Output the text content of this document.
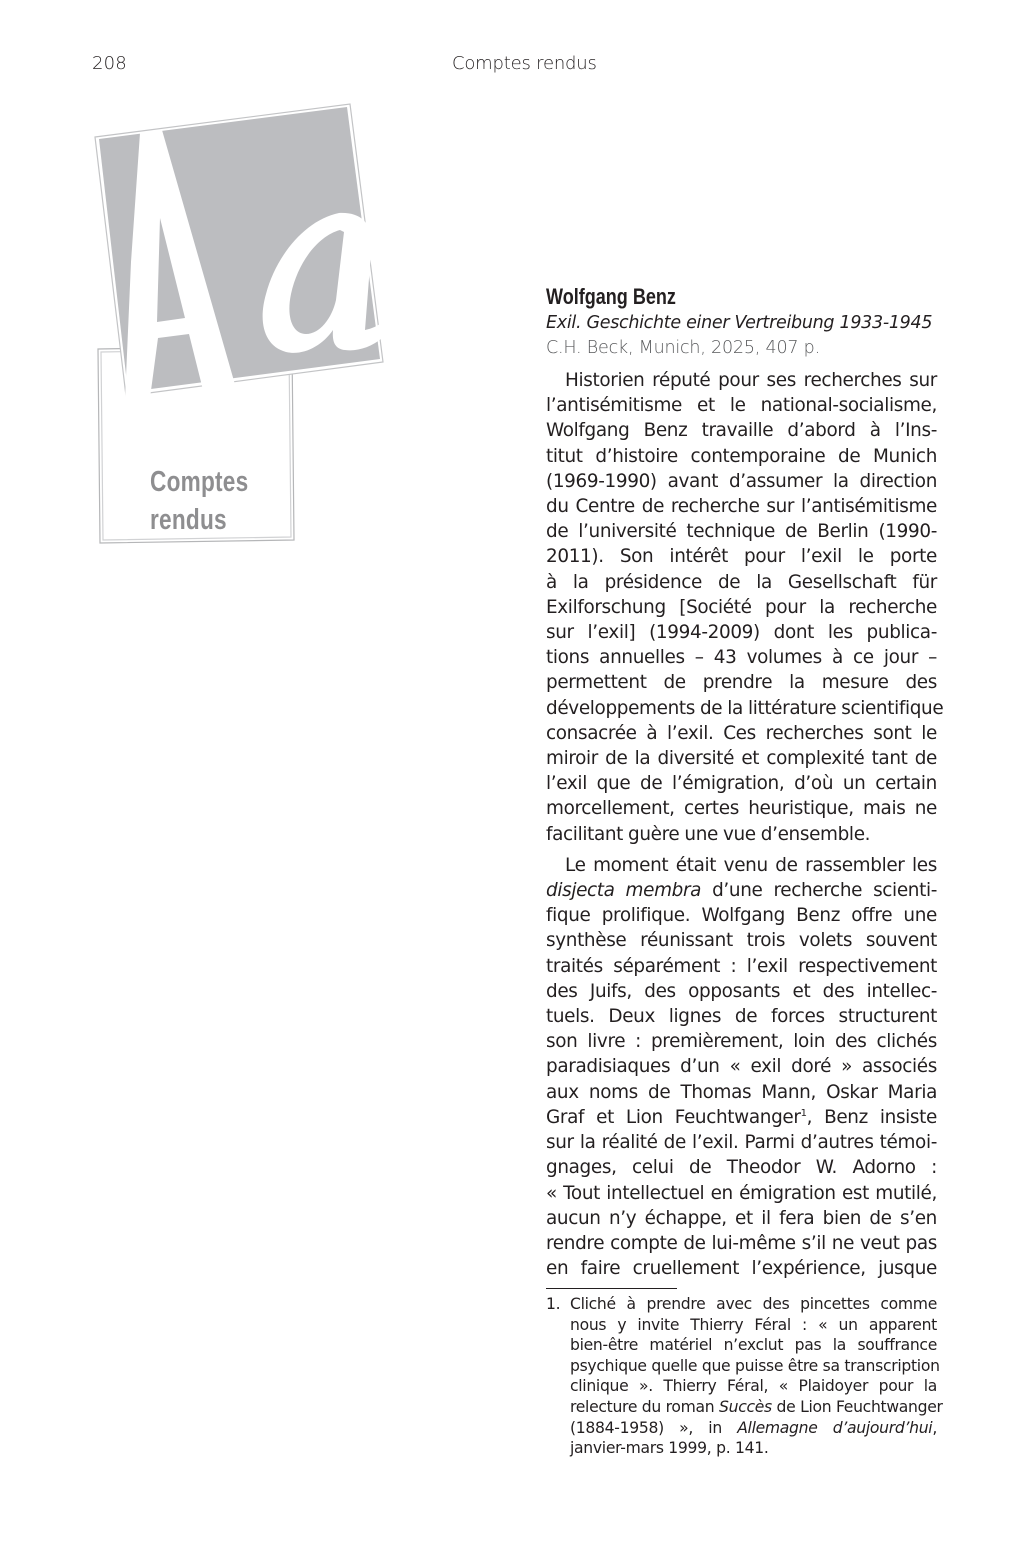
208	Comptes rendus
Comptes
rendus
Wolfgang Benz
Exil. Geschichte einer Vertreibung 1933-1945
C.H. Beck, Munich, 2025, 407 p.
Historien réputé pour ses recherches sur
l’antisémitisme et le national-socialisme,
Wolfgang Benz travaille d’abord à l’Ins-
titut d’histoire contemporaine de Munich
(1969-1990) avant d’assumer la direction
du Centre de recherche sur l’antisémitisme
de l’université technique de Berlin (1990-
2011). Son intérêt pour l’exil le porte
à la présidence de la Gesellschaft für
Exilforschung [Société pour la recherche
sur l’exil] (1994-2009) dont les publica-
tions annuelles – 43 volumes à ce jour –
permettent de prendre la mesure des
développements de la littérature scientifique
consacrée à l’exil. Ces recherches sont le
miroir de la diversité et complexité tant de
l’exil que de l’émigration, d’où un certain
morcellement, certes heuristique, mais ne
facilitant guère une vue d’ensemble.
Le moment était venu de rassembler les
disjecta membra d’une recherche scienti-
fique prolifique. Wolfgang Benz offre une
synthèse réunissant trois volets souvent
traités séparément : l’exil respectivement
des Juifs, des opposants et des intellec-
tuels. Deux lignes de forces structurent
son livre : premièrement, loin des clichés
paradisiaques d’un « exil doré » associés
aux noms de Thomas Mann, Oskar Maria
Graf et Lion Feuchtwanger$^1$, Benz insiste
sur la réalité de l’exil. Parmi d’autres témoi-
gnages, celui de Theodor W. Adorno :
« Tout intellectuel en émigration est mutilé,
aucun n’y échappe, et il fera bien de s’en
rendre compte de lui-même s’il ne veut pas
en faire cruellement l’expérience, jusque
1. Cliché à prendre avec des pincettes comme
nous y invite Thierry Féral : « un apparent
bien-être matériel n’exclut pas la souffrance
psychique quelle que puisse être sa transcription
clinique ». Thierry Féral, « Plaidoyer pour la
relecture du roman Succès de Lion Feuchtwanger
(1884-1958) », in Allemagne d’aujourd’hui,
janvier-mars 1999, p. 141.
